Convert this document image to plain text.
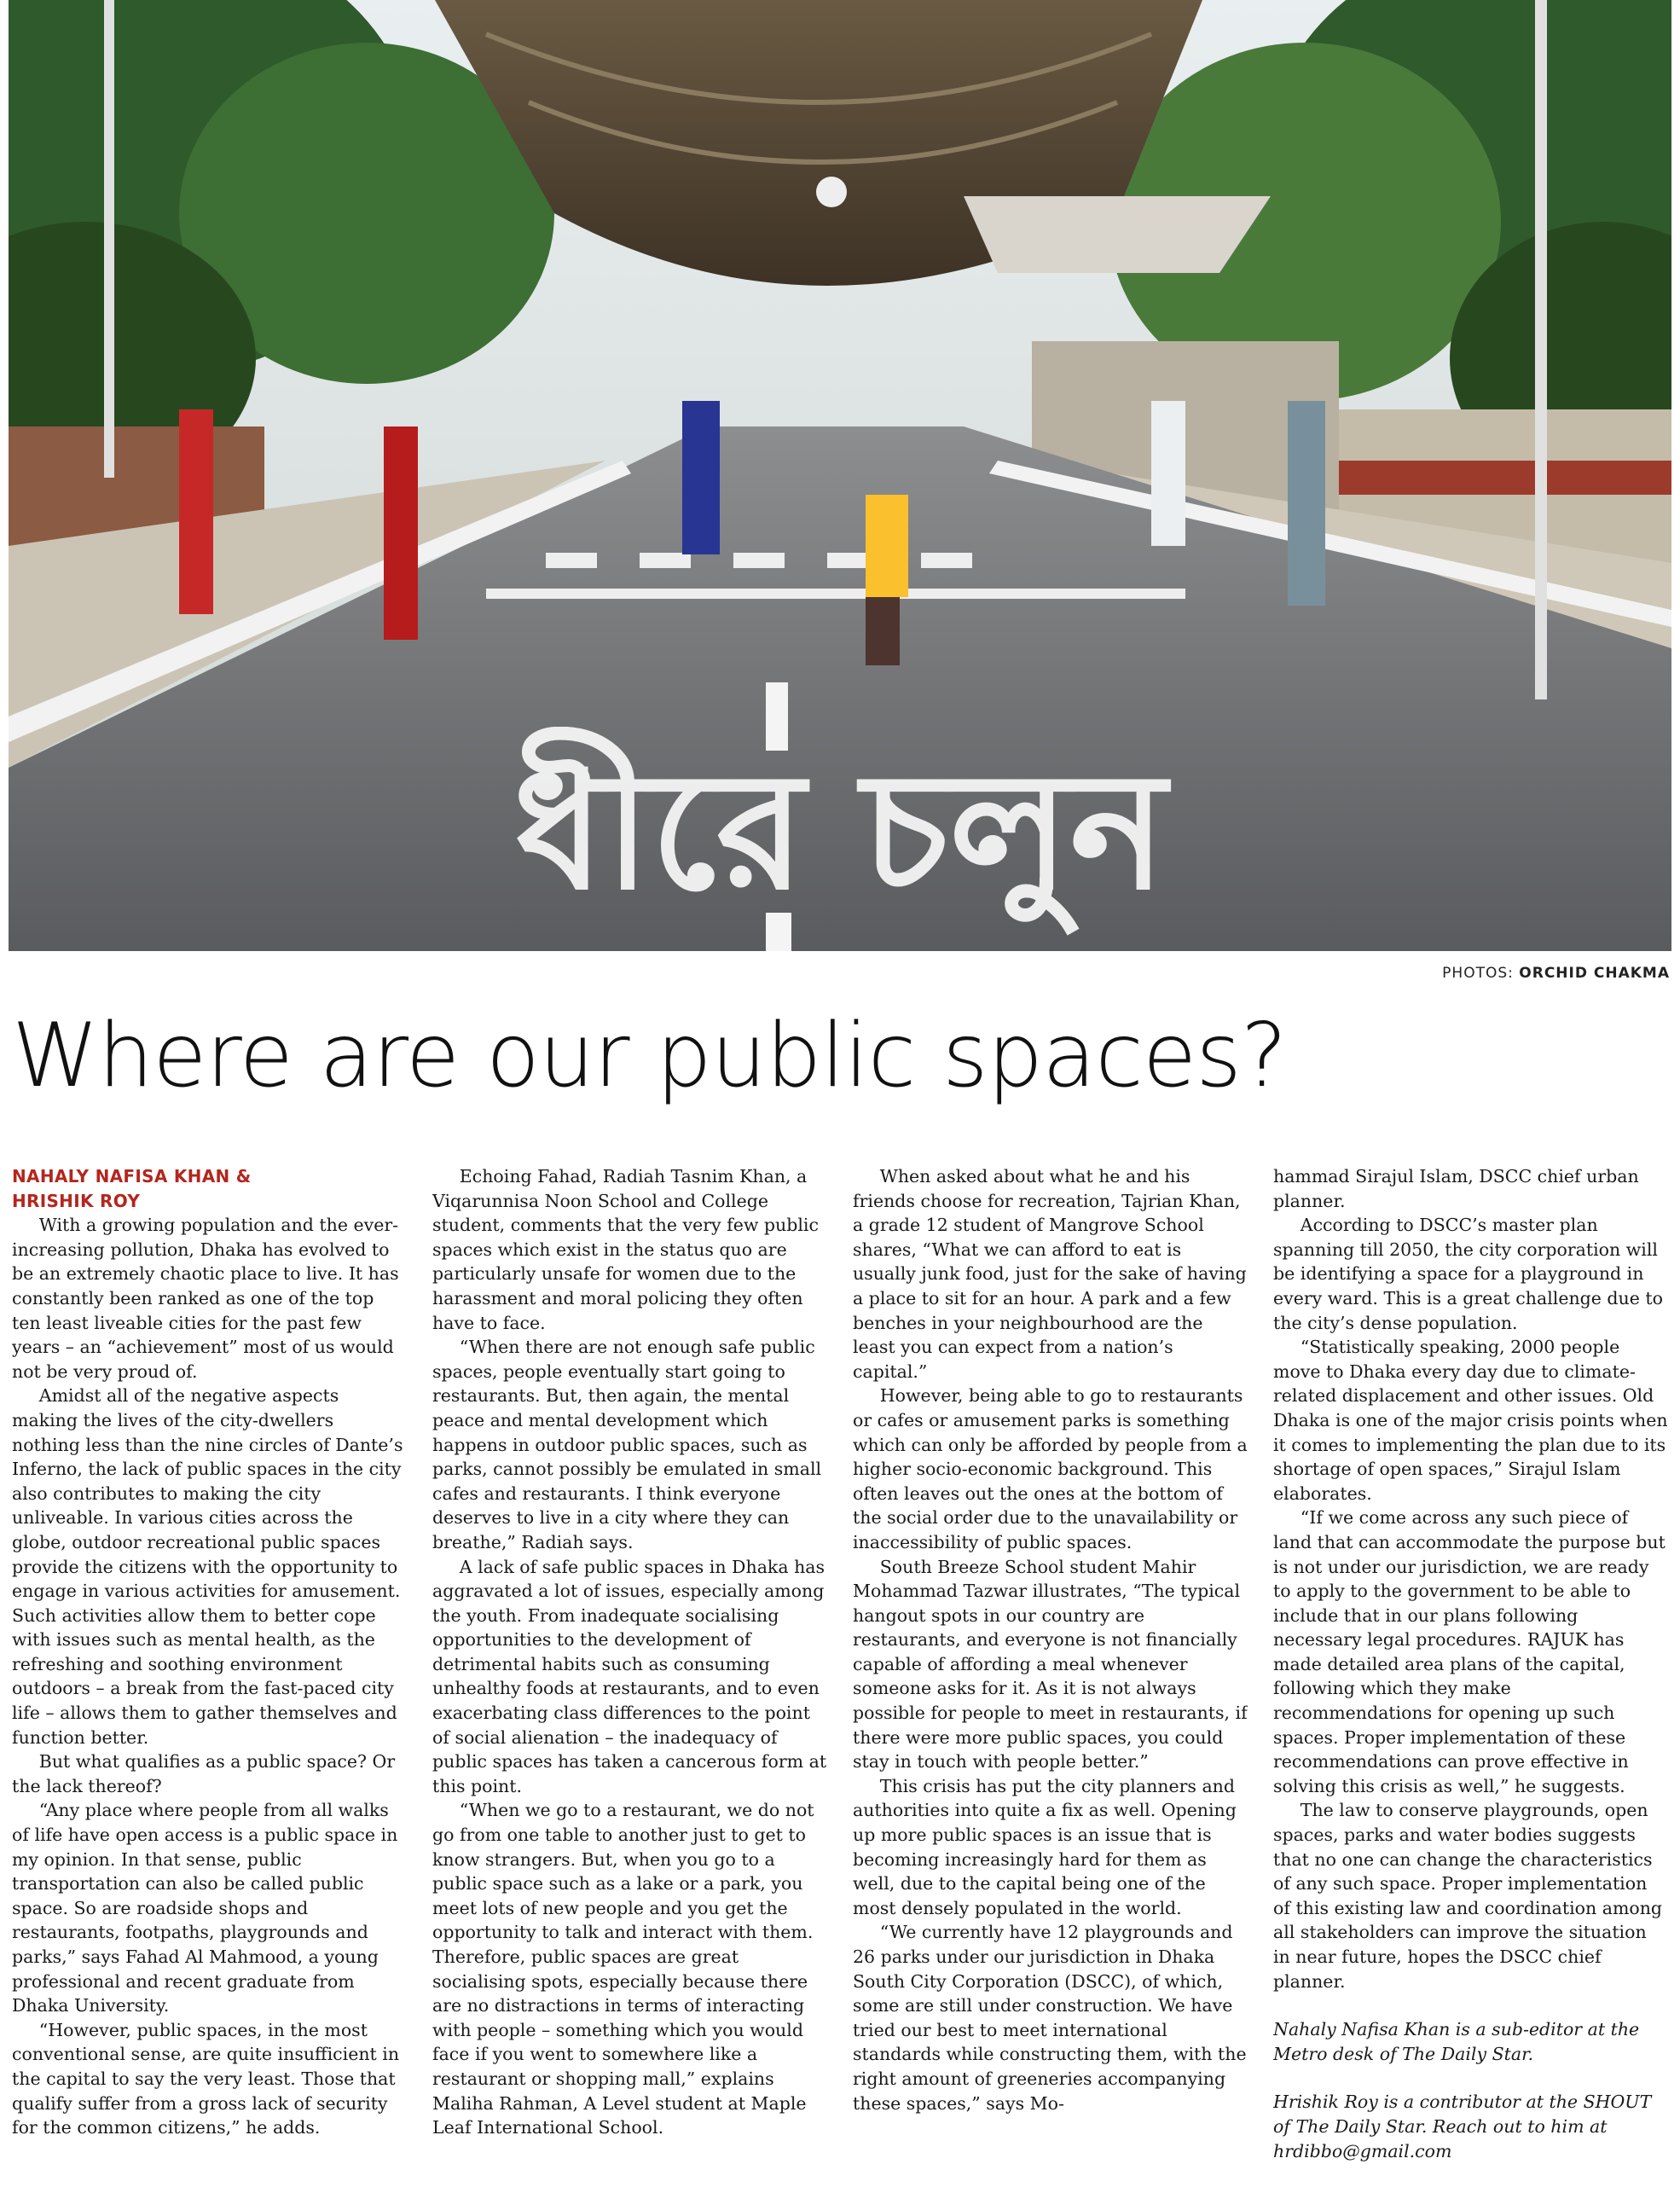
ধীরে চলুন
PHOTOS: ORCHID CHAKMA
Where are our public spaces?
NAHALY NAFISA KHAN &
HRISHIK ROY

With a growing population and the ever-increasing pollution, Dhaka has evolved to be an extremely chaotic place to live. It has constantly been ranked as one of the top ten least liveable cities for the past few years – an “achievement” most of us would not be very proud of.

Amidst all of the negative aspects making the lives of the city-dwellers nothing less than the nine circles of Dante’s Inferno, the lack of public spaces in the city also contributes to making the city unliveable. In various cities across the globe, outdoor recreational public spaces provide the citizens with the opportunity to engage in various activities for amusement. Such activities allow them to better cope with issues such as mental health, as the refreshing and soothing environment outdoors – a break from the fast-paced city life – allows them to gather themselves and function better.

But what qualifies as a public space? Or the lack thereof?

“Any place where people from all walks of life have open access is a public space in my opinion. In that sense, public transportation can also be called public space. So are roadside shops and restaurants, footpaths, playgrounds and parks,” says Fahad Al Mahmood, a young professional and recent graduate from Dhaka University.

“However, public spaces, in the most conventional sense, are quite insufficient in the capital to say the very least. Those that qualify suffer from a gross lack of security for the common citizens,” he adds.

Echoing Fahad, Radiah Tasnim Khan, a Viqarunnisa Noon School and College student, comments that the very few public spaces which exist in the status quo are particularly unsafe for women due to the harassment and moral policing they often have to face.

“When there are not enough safe public spaces, people eventually start going to restaurants. But, then again, the mental peace and mental development which happens in outdoor public spaces, such as parks, cannot possibly be emulated in small cafes and restaurants. I think everyone deserves to live in a city where they can breathe,” Radiah says.

A lack of safe public spaces in Dhaka has aggravated a lot of issues, especially among the youth. From inadequate socialising opportunities to the development of detrimental habits such as consuming unhealthy foods at restaurants, and to even exacerbating class differences to the point of social alienation – the inadequacy of public spaces has taken a cancerous form at this point.

“When we go to a restaurant, we do not go from one table to another just to get to know strangers. But, when you go to a public space such as a lake or a park, you meet lots of new people and you get the opportunity to talk and interact with them. Therefore, public spaces are great socialising spots, especially because there are no distractions in terms of interacting with people – something which you would face if you went to somewhere like a restaurant or shopping mall,” explains Maliha Rahman, A Level student at Maple Leaf International School.

When asked about what he and his friends choose for recreation, Tajrian Khan, a grade 12 student of Mangrove School shares, “What we can afford to eat is usually junk food, just for the sake of having a place to sit for an hour. A park and a few benches in your neighbourhood are the least you can expect from a nation’s capital.”

However, being able to go to restaurants or cafes or amusement parks is something which can only be afforded by people from a higher socio-economic background. This often leaves out the ones at the bottom of the social order due to the unavailability or inaccessibility of public spaces.

South Breeze School student Mahir Mohammad Tazwar illustrates, “The typical hangout spots in our country are restaurants, and everyone is not financially capable of affording a meal whenever someone asks for it. As it is not always possible for people to meet in restaurants, if there were more public spaces, you could stay in touch with people better.”

This crisis has put the city planners and authorities into quite a fix as well. Opening up more public spaces is an issue that is becoming increasingly hard for them as well, due to the capital being one of the most densely populated in the world.

“We currently have 12 playgrounds and 26 parks under our jurisdiction in Dhaka South City Corporation (DSCC), of which, some are still under construction. We have tried our best to meet international standards while constructing them, with the right amount of greeneries accompanying these spaces,” says Mo-

hammad Sirajul Islam, DSCC chief urban planner.

According to DSCC’s master plan spanning till 2050, the city corporation will be identifying a space for a playground in every ward. This is a great challenge due to the city’s dense population.

“Statistically speaking, 2000 people move to Dhaka every day due to climate-related displacement and other issues. Old Dhaka is one of the major crisis points when it comes to implementing the plan due to its shortage of open spaces,” Sirajul Islam elaborates.

“If we come across any such piece of land that can accommodate the purpose but is not under our jurisdiction, we are ready to apply to the government to be able to include that in our plans following necessary legal procedures. RAJUK has made detailed area plans of the capital, following which they make recommendations for opening up such spaces. Proper implementation of these recommendations can prove effective in solving this crisis as well,” he suggests.

The law to conserve playgrounds, open spaces, parks and water bodies suggests that no one can change the characteristics of any such space. Proper implementation of this existing law and coordination among all stakeholders can improve the situation in near future, hopes the DSCC chief planner.

Nahaly Nafisa Khan is a sub-editor at the Metro desk of The Daily Star.

Hrishik Roy is a contributor at the SHOUT of The Daily Star. Reach out to him at hrdibbo@gmail.com
